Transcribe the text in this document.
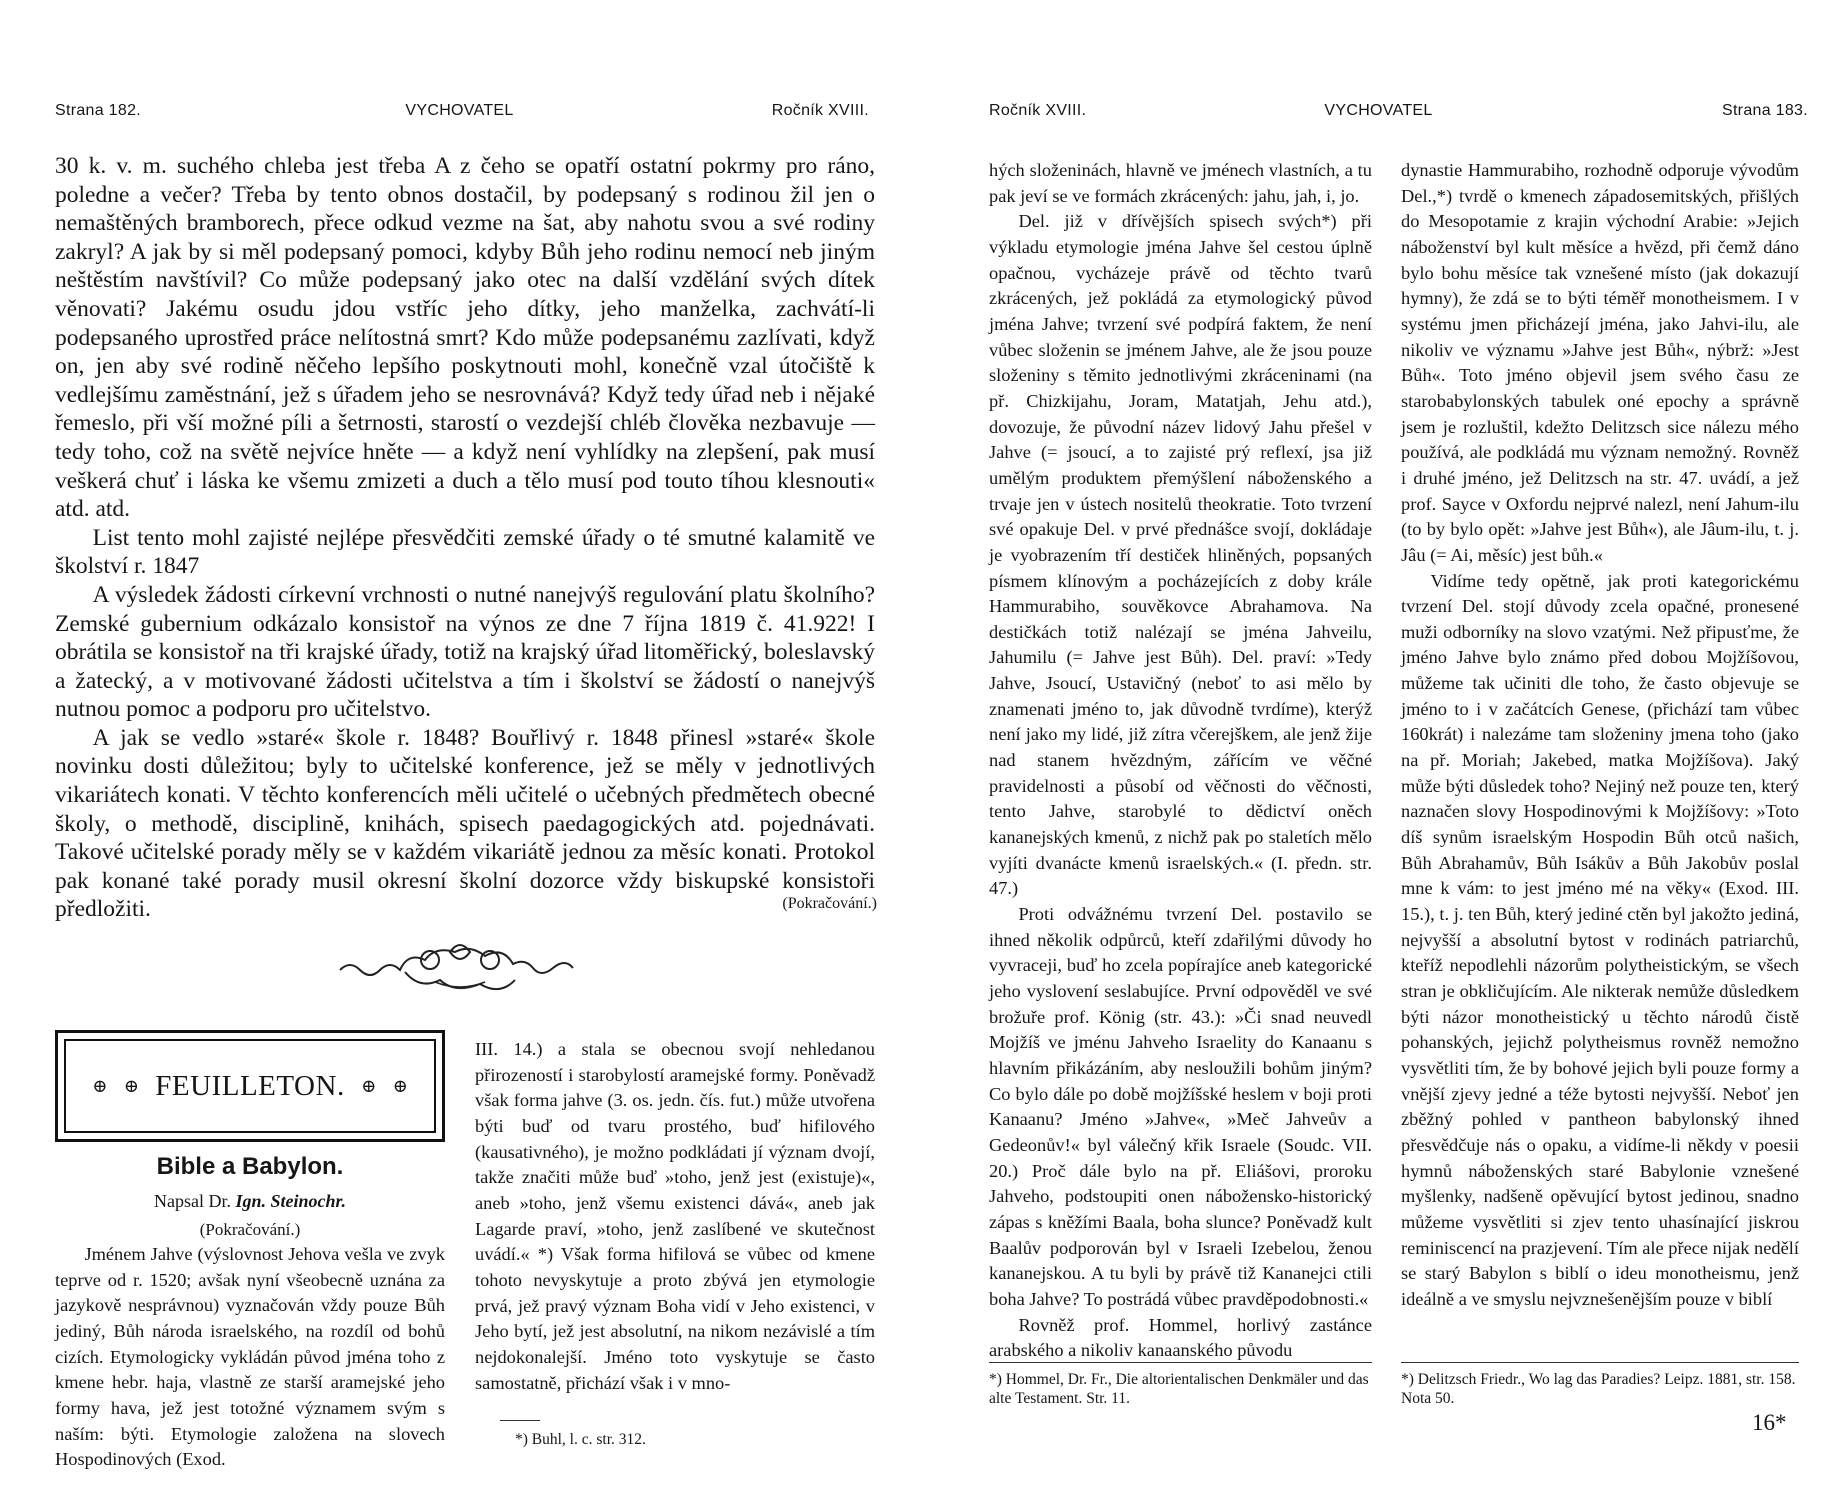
Strana 182.	VYCHOVATEL	Ročník XVIII.

30 k. v. m. suchého chleba jest třeba A z čeho se opatří ostatní pokrmy pro ráno, poledne a večer? Třeba by tento obnos dostačil, by podepsaný s rodinou žil jen o nemaštěných bramborech, přece odkud vezme na šat, aby nahotu svou a své rodiny zakryl? A jak by si měl podepsaný pomoci, kdyby Bůh jeho rodinu nemocí neb jiným neštěstím navštívil? Co může podepsaný jako otec na další vzdělání svých dítek věnovati? Jakému osudu jdou vstříc jeho dítky, jeho manželka, zachvátí-li podepsaného uprostřed práce nelítostná smrt? Kdo může podepsanému zazlívati, když on, jen aby své rodině něčeho lepšího poskytnouti mohl, konečně vzal útočiště k vedlejšímu zaměstnání, jež s úřadem jeho se nesrovnává? Když tedy úřad neb i nějaké řemeslo, při vší možné píli a šetrnosti, starostí o vezdejší chléb člověka nezbavuje — tedy toho, což na světě nejvíce hněte — a když není vyhlídky na zlepšení, pak musí veškerá chuť i láska ke všemu zmizeti a duch a tělo musí pod touto tíhou klesnouti« atd. atd.

List tento mohl zajisté nejlépe přesvědčiti zemské úřady o té smutné kalamitě ve školství r. 1847

A výsledek žádosti církevní vrchnosti o nutné nanejvýš regulování platu školního? Zemské gubernium odkázalo konsistoř na výnos ze dne 7 října 1819 č. 41.922! I obrátila se konsistoř na tři krajské úřady, totiž na krajský úřad litoměřický, boleslavský a žatecký, a v motivované žádosti učitelstva a tím i školství se žádostí o nanejvýš nutnou pomoc a podporu pro učitelstvo.

A jak se vedlo »staré« škole r. 1848? Bouřlivý r. 1848 přinesl »staré« škole novinku dosti důležitou; byly to učitelské konference, jež se měly v jednotlivých vikariátech konati. V těchto konferencích měli učitelé o učebných předmětech obecné školy, o methodě, disciplině, knihách, spisech paedagogických atd. pojednávati. Takové učitelské porady měly se v každém vikariátě jednou za měsíc konati. Protokol pak konané také porady musil okresní školní dozorce vždy biskupské konsistoři předložiti.	(Pokračování.)
⊕ ⊕ FEUILLETON. ⊕ ⊕
Bible a Babylon.
Napsal Dr. Ign. Steinochr.
(Pokračování.)

Jménem Jahve (výslovnost Jehova vešla ve zvyk teprve od r. 1520; avšak nyní všeobecně uznána za jazykově nesprávnou) vyznačován vždy pouze Bůh jediný, Bůh národa israelského, na rozdíl od bohů cizích. Etymologicky vykládán původ jména toho z kmene hebr. haja, vlastně ze starší aramejské jeho formy hava, jež jest totožné významem svým s naším: býti. Etymologie založena na slovech Hospodinových (Exod.

III. 14.) a stala se obecnou svojí nehledanou přirozeností i starobylostí aramejské formy. Poněvadž však forma jahve (3. os. jedn. čís. fut.) může utvořena býti buď od tvaru prostého, buď hifilového (kausativného), je možno podkládati jí význam dvojí, takže značiti může buď »toho, jenž jest (existuje)«, aneb »toho, jenž všemu existenci dává«, aneb jak Lagarde praví, »toho, jenž zaslíbené ve skutečnost uvádí.« *) Však forma hifilová se vůbec od kmene tohoto nevyskytuje a proto zbývá jen etymologie prvá, jež pravý význam Boha vidí v Jeho existenci, v Jeho bytí, jež jest absolutní, na nikom nezávislé a tím nejdokonalejší. Jméno toto vyskytuje se často samostatně, přichází však i v mno-

*) Buhl, l. c. str. 312.
Ročník XVIII.	VYCHOVATEL	Strana 183.

hých složeninách, hlavně ve jménech vlastních, a tu pak jeví se ve formách zkrácených: jahu, jah, i, jo.

Del. již v dřívějších spisech svých*) při výkladu etymologie jména Jahve šel cestou úplně opačnou, vycházeje právě od těchto tvarů zkrácených, jež pokládá za etymologický původ jména Jahve; tvrzení své podpírá faktem, že není vůbec složenin se jménem Jahve, ale že jsou pouze složeniny s těmito jednotlivými zkráceninami (na př. Chizkijahu, Joram, Matatjah, Jehu atd.), dovozuje, že původní název lidový Jahu přešel v Jahve (= jsoucí, a to zajisté prý reflexí, jsa již umělým produktem přemýšlení náboženského a trvaje jen v ústech nositelů theokratie. Toto tvrzení své opakuje Del. v prvé přednášce svojí, dokládaje je vyobrazením tří destiček hliněných, popsaných písmem klínovým a pocházejících z doby krále Hammurabiho, souvěkovce Abrahamova. Na destičkách totiž nalézají se jména Jahveilu, Jahumilu (= Jahve jest Bůh). Del. praví: »Tedy Jahve, Jsoucí, Ustavičný (neboť to asi mělo by znamenati jméno to, jak důvodně tvrdíme), kterýž není jako my lidé, již zítra včerejškem, ale jenž žije nad stanem hvězdným, zářícím ve věčné pravidelnosti a působí od věčnosti do věčnosti, tento Jahve, starobylé to dědictví oněch kananejských kmenů, z nichž pak po staletích mělo vyjíti dvanácte kmenů israelských.« (I. předn. str. 47.)

Proti odvážnému tvrzení Del. postavilo se ihned několik odpůrců, kteří zdařilými důvody ho vyvraceji, buď ho zcela popírajíce aneb kategorické jeho vyslovení seslabujíce. První odpověděl ve své brožuře prof. König (str. 43.): »Či snad neuvedl Mojžíš ve jménu Jahveho Israelity do Kanaanu s hlavním přikázáním, aby nesloužili bohům jiným? Co bylo dále po době mojžíšské heslem v boji proti Kanaanu? Jméno »Jahve«, »Meč Jahveův a Gedeonův!« byl válečný křik Israele (Soudc. VII. 20.) Proč dále bylo na př. Eliášovi, proroku Jahveho, podstoupiti onen nábožensko-historický zápas s kněžími Baala, boha slunce? Poněvadž kult Baalův podporován byl v Israeli Izebelou, ženou kananejskou. A tu byli by právě tiž Kananejci ctili boha Jahve? To postrádá vůbec pravděpodobnosti.«

Rovněž prof. Hommel, horlivý zastánce arabského a nikoliv kanaanského původu

*) Hommel, Dr. Fr., Die altorientalischen Denkmäler und das alte Testament. Str. 11.

dynastie Hammurabiho, rozhodně odporuje vývodům Del.,*) tvrdě o kmenech západosemitských, přišlých do Mesopotamie z krajin východní Arabie: »Jejich náboženství byl kult měsíce a hvězd, při čemž dáno bylo bohu měsíce tak vznešené místo (jak dokazují hymny), že zdá se to býti téměř monotheismem. I v systému jmen přicházejí jména, jako Jahvi-ilu, ale nikoliv ve významu »Jahve jest Bůh«, nýbrž: »Jest Bůh«. Toto jméno objevil jsem svého času ze starobabylonských tabulek oné epochy a správně jsem je rozluštil, kdežto Delitzsch sice nálezu mého používá, ale podkládá mu význam nemožný. Rovněž i druhé jméno, jež Delitzsch na str. 47. uvádí, a jež prof. Sayce v Oxfordu nejprvé nalezl, není Jahum-ilu (to by bylo opět: »Jahve jest Bůh«), ale Jâum-ilu, t. j. Jâu (= Ai, měsíc) jest bůh.«

Vidíme tedy opětně, jak proti kategorickému tvrzení Del. stojí důvody zcela opačné, pronesené muži odborníky na slovo vzatými. Než připusťme, že jméno Jahve bylo známo před dobou Mojžíšovou, můžeme tak učiniti dle toho, že často objevuje se jméno to i v začátcích Genese, (přichází tam vůbec 160krát) i nalezáme tam složeniny jmena toho (jako na př. Moriah; Jakebed, matka Mojžíšova). Jaký může býti důsledek toho? Nejiný než pouze ten, který naznačen slovy Hospodinovými k Mojžíšovy: »Toto díš synům israelským Hospodin Bůh otců našich, Bůh Abrahamův, Bůh Isákův a Bůh Jakobův poslal mne k vám: to jest jméno mé na věky« (Exod. III. 15.), t. j. ten Bůh, který jediné ctěn byl jakožto jediná, nejvyšší a absolutní bytost v rodinách patriarchů, kteříž nepodlehli názorům polytheistickým, se všech stran je obkličujícím. Ale nikterak nemůže důsledkem býti názor monotheistický u těchto národů čistě pohanských, jejichž polytheismus rovněž nemožno vysvětliti tím, že by bohové jejich byli pouze formy a vnější zjevy jedné a téže bytosti nejvyšší. Neboť jen zběžný pohled v pantheon babylonský ihned přesvědčuje nás o opaku, a vidíme-li někdy v poesii hymnů náboženských staré Babylonie vznešené myšlenky, nadšeně opěvující bytost jedinou, snadno můžeme vysvětliti si zjev tento uhasínající jiskrou reminiscencí na prazjevení. Tím ale přece nijak nedělí se starý Babylon s biblí o ideu monotheismu, jenž ideálně a ve smyslu nejvznešenějším pouze v biblí

*) Delitzsch Friedr., Wo lag das Paradies? Leipz. 1881, str. 158. Nota 50.
16*
